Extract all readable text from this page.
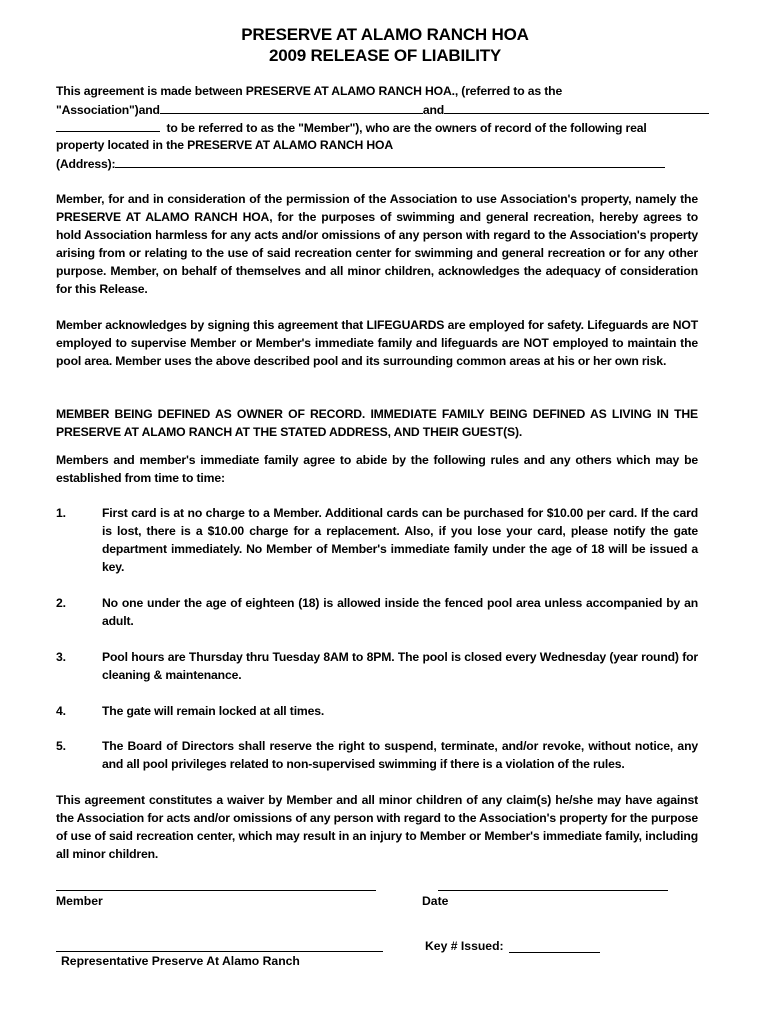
PRESERVE AT ALAMO RANCH HOA
2009 RELEASE OF LIABILITY
This agreement is made between PRESERVE AT ALAMO RANCH HOA., (referred to as the
"Association")and	and
to be referred to as the "Member"), who are the owners of record of the following real
property located in the PRESERVE AT ALAMO RANCH HOA
(Address):
Member, for and in consideration of the permission of the Association to use Association's property, namely the PRESERVE AT ALAMO RANCH HOA, for the purposes of swimming and general recreation, hereby agrees to hold Association harmless for any acts and/or omissions of any person with regard to the Association's property arising from or relating to the use of said recreation center for swimming and general recreation or for any other purpose. Member, on behalf of themselves and all minor children, acknowledges the adequacy of consideration for this Release.
Member acknowledges by signing this agreement that LIFEGUARDS are employed for safety. Lifeguards are NOT employed to supervise Member or Member's immediate family and lifeguards are NOT employed to maintain the pool area. Member uses the above described pool and its surrounding common areas at his or her own risk.
MEMBER BEING DEFINED AS OWNER OF RECORD. IMMEDIATE FAMILY BEING DEFINED AS LIVING IN THE PRESERVE AT ALAMO RANCH AT THE STATED ADDRESS, AND THEIR GUEST(S).
Members and member's immediate family agree to abide by the following rules and any others which may be established from time to time:
1.	First card is at no charge to a Member. Additional cards can be purchased for $10.00 per card. If the card is lost, there is a $10.00 charge for a replacement. Also, if you lose your card, please notify the gate department immediately. No Member of Member's immediate family under the age of 18 will be issued a key.
2.	No one under the age of eighteen (18) is allowed inside the fenced pool area unless accompanied by an adult.
3.	Pool hours are Thursday thru Tuesday 8AM to 8PM. The pool is closed every Wednesday (year round) for cleaning & maintenance.
4.	The gate will remain locked at all times.
5.	The Board of Directors shall reserve the right to suspend, terminate, and/or revoke, without notice, any and all pool privileges related to non-supervised swimming if there is a violation of the rules.
This agreement constitutes a waiver by Member and all minor children of any claim(s) he/she may have against the Association for acts and/or omissions of any person with regard to the Association's property for the purpose of use of said recreation center, which may result in an injury to Member or Member's immediate family, including all minor children.
Member	Date
Representative Preserve At Alamo Ranch
Key # Issued:
